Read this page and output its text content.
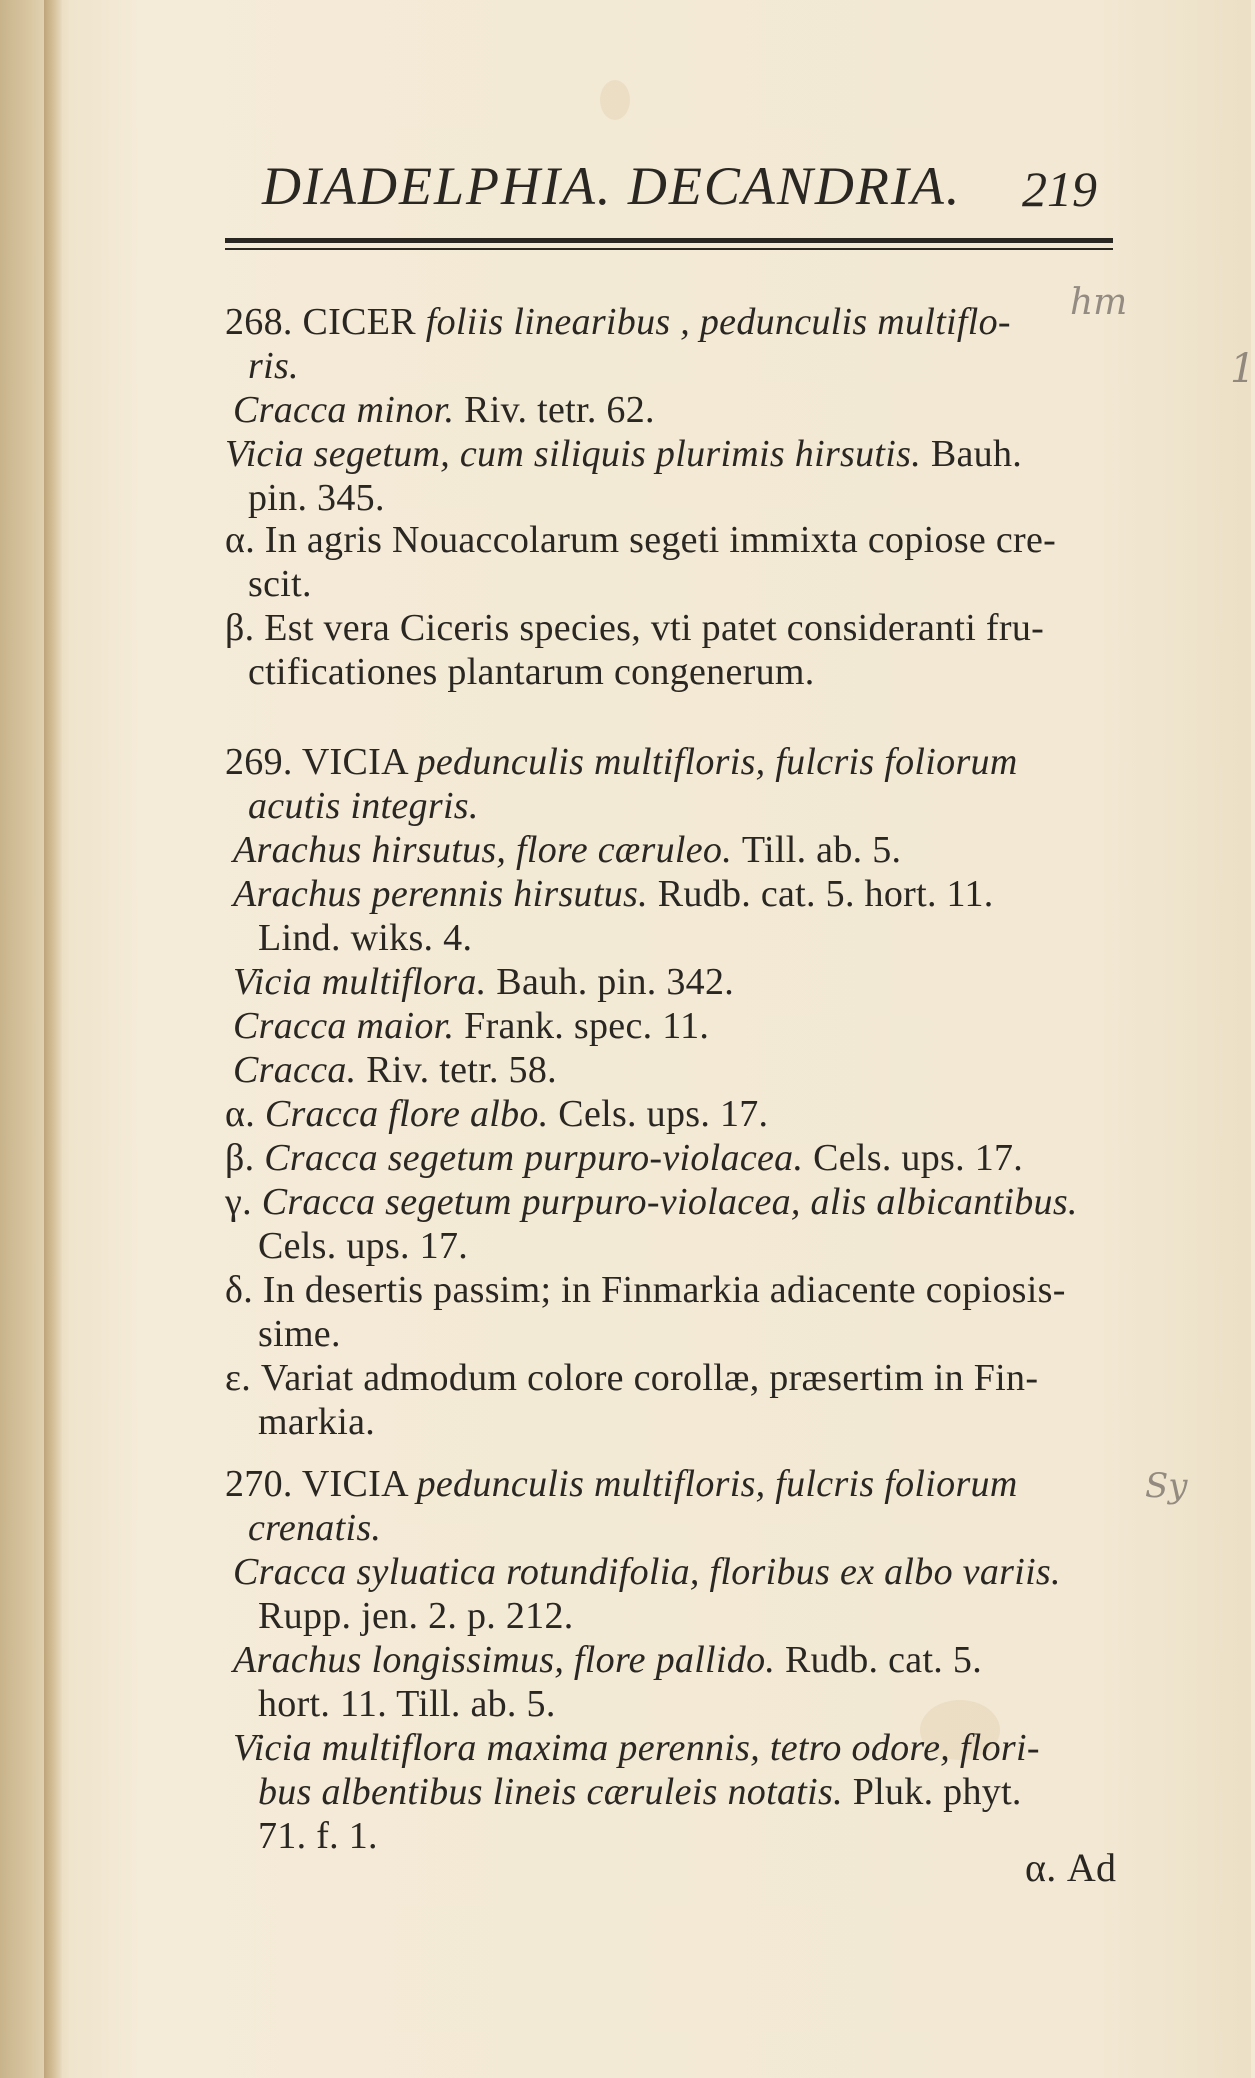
DIADELPHIA. DECANDRIA. 219
268. CICER foliis linearibus , pedunculis multiflo-
ris.
Cracca minor. Riv. tetr. 62.
Vicia segetum, cum siliquis plurimis hirsutis. Bauh.
pin. 345.
α. In agris Nouaccolarum segeti immixta copiose cre-
scit.
β. Est vera Ciceris species, vti patet consideranti fru-
ctificationes plantarum congenerum.
269. VICIA pedunculis multifloris, fulcris foliorum
acutis integris.
Arachus hirsutus, flore cæruleo. Till. ab. 5.
Arachus perennis hirsutus. Rudb. cat. 5. hort. 11.
Lind. wiks. 4.
Vicia multiflora. Bauh. pin. 342.
Cracca maior. Frank. spec. 11.
Cracca. Riv. tetr. 58.
α. Cracca flore albo. Cels. ups. 17.
β. Cracca segetum purpuro-violacea. Cels. ups. 17.
γ. Cracca segetum purpuro-violacea, alis albicantibus.
Cels. ups. 17.
δ. In desertis passim; in Finmarkia adiacente copiosis-
sime.
ε. Variat admodum colore corollæ, præsertim in Fin-
markia.
270. VICIA pedunculis multifloris, fulcris foliorum
crenatis.
Cracca syluatica rotundifolia, floribus ex albo variis.
Rupp. jen. 2. p. 212.
Arachus longissimus, flore pallido. Rudb. cat. 5.
hort. 11. Till. ab. 5.
Vicia multiflora maxima perennis, tetro odore, flori-
bus albentibus lineis cæruleis notatis. Pluk. phyt.
71. f. 1.
α. Ad
hm
1
Sy
